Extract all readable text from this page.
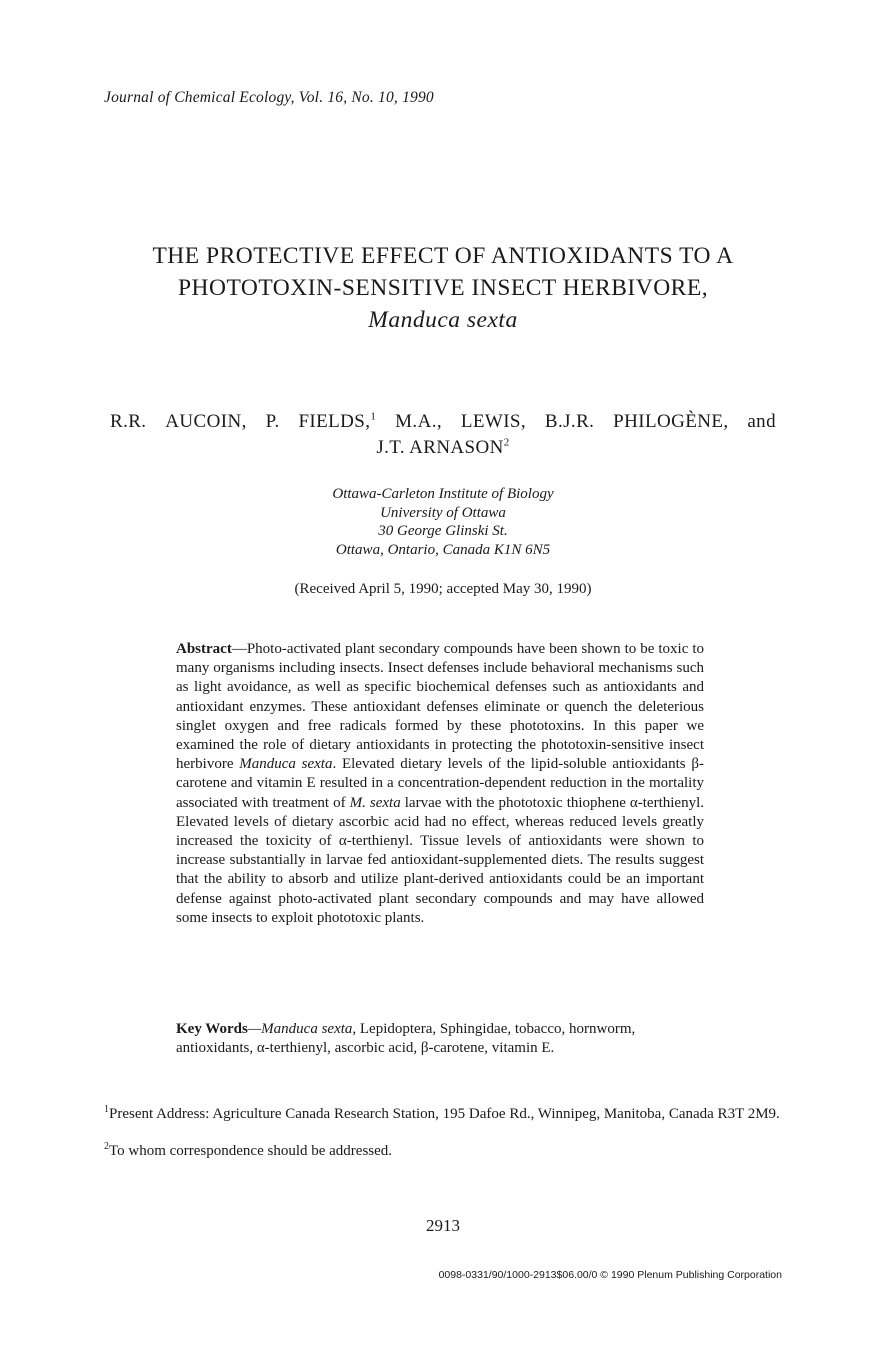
Journal of Chemical Ecology, Vol. 16, No. 10, 1990
THE PROTECTIVE EFFECT OF ANTIOXIDANTS TO A
PHOTOTOXIN-SENSITIVE INSECT HERBIVORE,
Manduca sexta
R.R. AUCOIN, P. FIELDS,$^1$ M.A., LEWIS, B.J.R. PHILOGÈNE, and
J.T. ARNASON$^2$
Ottawa-Carleton Institute of Biology
University of Ottawa
30 George Glinski St.
Ottawa, Ontario, Canada K1N 6N5
(Received April 5, 1990; accepted May 30, 1990)
Abstract—Photo-activated plant secondary compounds have been shown to be toxic to many organisms including insects. Insect defenses include behavioral mechanisms such as light avoidance, as well as specific biochemical defenses such as antioxidants and antioxidant enzymes. These antioxidant defenses eliminate or quench the deleterious singlet oxygen and free radicals formed by these phototoxins. In this paper we examined the role of dietary antioxidants in protecting the phototoxin-sensitive insect herbivore Manduca sexta. Elevated dietary levels of the lipid-soluble antioxidants β-carotene and vitamin E resulted in a concentration-dependent reduction in the mortality associated with treatment of M. sexta larvae with the phototoxic thiophene α-terthienyl. Elevated levels of dietary ascorbic acid had no effect, whereas reduced levels greatly increased the toxicity of α-terthienyl. Tissue levels of antioxidants were shown to increase substantially in larvae fed antioxidant-supplemented diets. The results suggest that the ability to absorb and utilize plant-derived antioxidants could be an important defense against photo-activated plant secondary compounds and may have allowed some insects to exploit phototoxic plants.
Key Words—Manduca sexta, Lepidoptera, Sphingidae, tobacco, hornworm, antioxidants, α-terthienyl, ascorbic acid, β-carotene, vitamin E.
$^1$Present Address: Agriculture Canada Research Station, 195 Dafoe Rd., Winnipeg, Manitoba, Canada R3T 2M9.
$^2$To whom correspondence should be addressed.
2913
0098-0331/90/1000-2913$06.00/0 © 1990 Plenum Publishing Corporation
